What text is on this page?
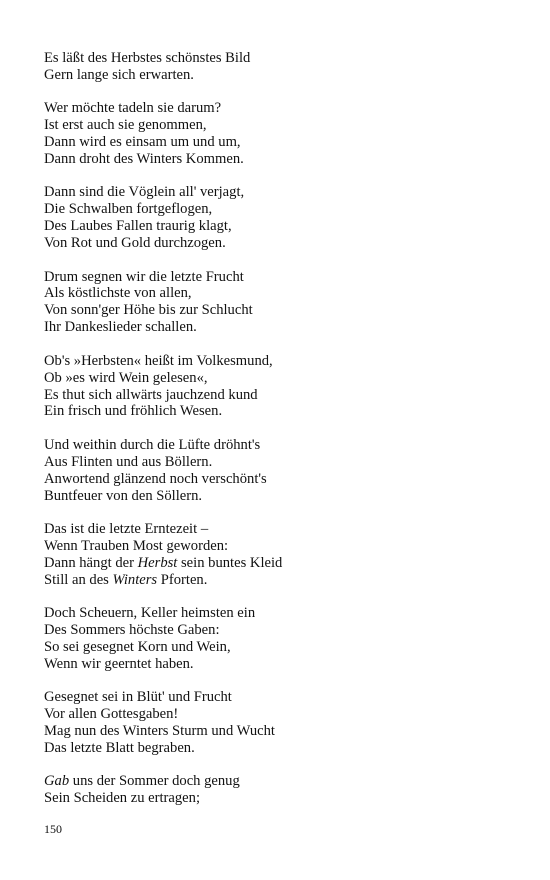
Es läßt des Herbstes schönstes Bild
Gern lange sich erwarten.
Wer möchte tadeln sie darum?
Ist erst auch sie genommen,
Dann wird es einsam um und um,
Dann droht des Winters Kommen.
Dann sind die Vöglein all' verjagt,
Die Schwalben fortgeflogen,
Des Laubes Fallen traurig klagt,
Von Rot und Gold durchzogen.
Drum segnen wir die letzte Frucht
Als köstlichste von allen,
Von sonn'ger Höhe bis zur Schlucht
Ihr Dankeslieder schallen.
Ob's »Herbsten« heißt im Volkesmund,
Ob »es wird Wein gelesen«,
Es thut sich allwärts jauchzend kund
Ein frisch und fröhlich Wesen.
Und weithin durch die Lüfte dröhnt's
Aus Flinten und aus Böllern.
Anwortend glänzend noch verschönt's
Buntfeuer von den Söllern.
Das ist die letzte Erntezeit –
Wenn Trauben Most geworden:
Dann hängt der Herbst sein buntes Kleid
Still an des Winters Pforten.
Doch Scheuern, Keller heimsten ein
Des Sommers höchste Gaben:
So sei gesegnet Korn und Wein,
Wenn wir geerntet haben.
Gesegnet sei in Blüt' und Frucht
Vor allen Gottesgaben!
Mag nun des Winters Sturm und Wucht
Das letzte Blatt begraben.
Gab uns der Sommer doch genug
Sein Scheiden zu ertragen;
150
